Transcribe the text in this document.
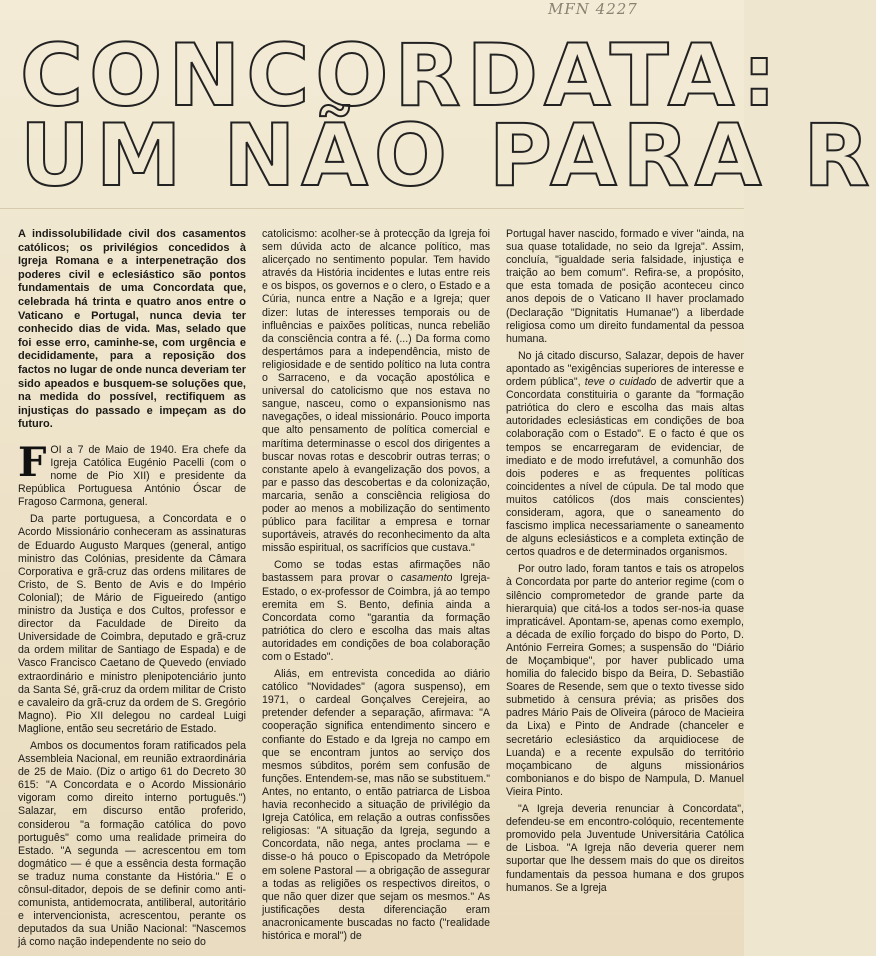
MFN 4227
CONCORDATA:
UM NÃO PARA R

A indissolubilidade civil dos casamentos católicos; os privilégios concedidos à Igreja Romana e a interpenetração dos poderes civil e eclesiástico são pontos fundamentais de uma Concordata que, celebrada há trinta e quatro anos entre o Vaticano e Portugal, nunca devia ter conhecido dias de vida. Mas, selado que foi esse erro, caminhe-se, com urgência e decididamente, para a reposição dos factos no lugar de onde nunca deveriam ter sido apeados e busquem-se soluções que, na medida do possível, rectifiquem as injustiças do passado e impeçam as do futuro.

FOI a 7 de Maio de 1940. Era chefe da Igreja Católica Eugénio Pacelli (com o nome de Pio XII) e presidente da República Portuguesa António Óscar de Fragoso Carmona, general.

Da parte portuguesa, a Concordata e o Acordo Missionário conheceram as assinaturas de Eduardo Augusto Marques (general, antigo ministro das Colónias, presidente da Câmara Corporativa e grã-cruz das ordens militares de Cristo, de S. Bento de Avis e do Império Colonial); de Mário de Figueiredo (antigo ministro da Justiça e dos Cultos, professor e director da Faculdade de Direito da Universidade de Coimbra, deputado e grã-cruz da ordem militar de Santiago de Espada) e de Vasco Francisco Caetano de Quevedo (enviado extraordinário e ministro plenipotenciário junto da Santa Sé, grã-cruz da ordem militar de Cristo e cavaleiro da grã-cruz da ordem de S. Gregório Magno). Pio XII delegou no cardeal Luigi Maglione, então seu secretário de Estado.

Ambos os documentos foram ratificados pela Assembleia Nacional, em reunião extraordinária de 25 de Maio. (Diz o artigo 61 do Decreto 30 615: "A Concordata e o Acordo Missionário vigoram como direito interno português.") Salazar, em discurso então proferido, considerou "a formação católica do povo português" como uma realidade primeira do Estado. "A segunda — acrescentou em tom dogmático — é que a essência desta formação se traduz numa constante da História." E o cônsul-ditador, depois de se definir como anti-comunista, antidemocrata, antiliberal, autoritário e intervencionista, acrescentou, perante os deputados da sua União Nacional: "Nascemos já como nação independente no seio do

catolicismo: acolher-se à protecção da Igreja foi sem dúvida acto de alcance político, mas alicerçado no sentimento popular. Tem havido através da História incidentes e lutas entre reis e os bispos, os governos e o clero, o Estado e a Cúria, nunca entre a Nação e a Igreja; quer dizer: lutas de interesses temporais ou de influências e paixões políticas, nunca rebelião da consciência contra a fé. (...) Da forma como despertámos para a independência, misto de religiosidade e de sentido político na luta contra o Sarraceno, e da vocação apostólica e universal do catolicismo que nos estava no sangue, nasceu, como o expansionismo nas navegações, o ideal missionário. Pouco importa que alto pensamento de política comercial e marítima determinasse o escol dos dirigentes a buscar novas rotas e descobrir outras terras; o constante apelo à evangelização dos povos, a par e passo das descobertas e da colonização, marcaria, senão a consciência religiosa do poder ao menos a mobilização do sentimento público para facilitar a empresa e tornar suportáveis, através do reconhecimento da alta missão espiritual, os sacrifícios que custava."

Como se todas estas afirmações não bastassem para provar o casamento Igreja-Estado, o ex-professor de Coimbra, já ao tempo eremita em S. Bento, definia ainda a Concordata como "garantia da formação patriótica do clero e escolha das mais altas autoridades em condições de boa colaboração com o Estado".

Aliás, em entrevista concedida ao diário católico "Novidades" (agora suspenso), em 1971, o cardeal Gonçalves Cerejeira, ao pretender defender a separação, afirmava: "A cooperação significa entendimento sincero e confiante do Estado e da Igreja no campo em que se encontram juntos ao serviço dos mesmos súbditos, porém sem confusão de funções. Entendem-se, mas não se substituem." Antes, no entanto, o então patriarca de Lisboa havia reconhecido a situação de privilégio da Igreja Católica, em relação a outras confissões religiosas: "A situação da Igreja, segundo a Concordata, não nega, antes proclama — e disse-o há pouco o Episcopado da Metrópole em solene Pastoral — a obrigação de assegurar a todas as religiões os respectivos direitos, o que não quer dizer que sejam os mesmos." As justificações desta diferenciação eram anacronicamente buscadas no facto ("realidade histórica e moral") de

Portugal haver nascido, formado e viver "ainda, na sua quase totalidade, no seio da Igreja". Assim, concluía, "igualdade seria falsidade, injustiça e traição ao bem comum". Refira-se, a propósito, que esta tomada de posição aconteceu cinco anos depois de o Vaticano II haver proclamado (Declaração "Dignitatis Humanae") a liberdade religiosa como um direito fundamental da pessoa humana.

No já citado discurso, Salazar, depois de haver apontado as "exigências superiores de interesse e ordem pública", teve o cuidado de advertir que a Concordata constituiria o garante da "formação patriótica do clero e escolha das mais altas autoridades eclesiásticas em condições de boa colaboração com o Estado". E o facto é que os tempos se encarregaram de evidenciar, de imediato e de modo irrefutável, a comunhão dos dois poderes e as frequentes políticas coincidentes a nível de cúpula. De tal modo que muitos católicos (dos mais conscientes) consideram, agora, que o saneamento do fascismo implica necessariamente o saneamento de alguns eclesiásticos e a completa extinção de certos quadros e de determinados organismos.

Por outro lado, foram tantos e tais os atropelos à Concordata por parte do anterior regime (com o silêncio comprometedor de grande parte da hierarquia) que citá-los a todos ser-nos-ia quase impraticável. Apontam-se, apenas como exemplo, a década de exílio forçado do bispo do Porto, D. António Ferreira Gomes; a suspensão do "Diário de Moçambique", por haver publicado uma homilia do falecido bispo da Beira, D. Sebastião Soares de Resende, sem que o texto tivesse sido submetido à censura prévia; as prisões dos padres Mário Pais de Oliveira (pároco de Macieira da Lixa) e Pinto de Andrade (chanceler e secretário eclesiástico da arquidiocese de Luanda) e a recente expulsão do território moçambicano de alguns missionários combonianos e do bispo de Nampula, D. Manuel Vieira Pinto.

"A Igreja deveria renunciar à Concordata", defendeu-se em encontro-colóquio, recentemente promovido pela Juventude Universitária Católica de Lisboa. "A Igreja não deveria querer nem suportar que lhe dessem mais do que os direitos fundamentais da pessoa humana e dos grupos humanos. Se a Igreja
